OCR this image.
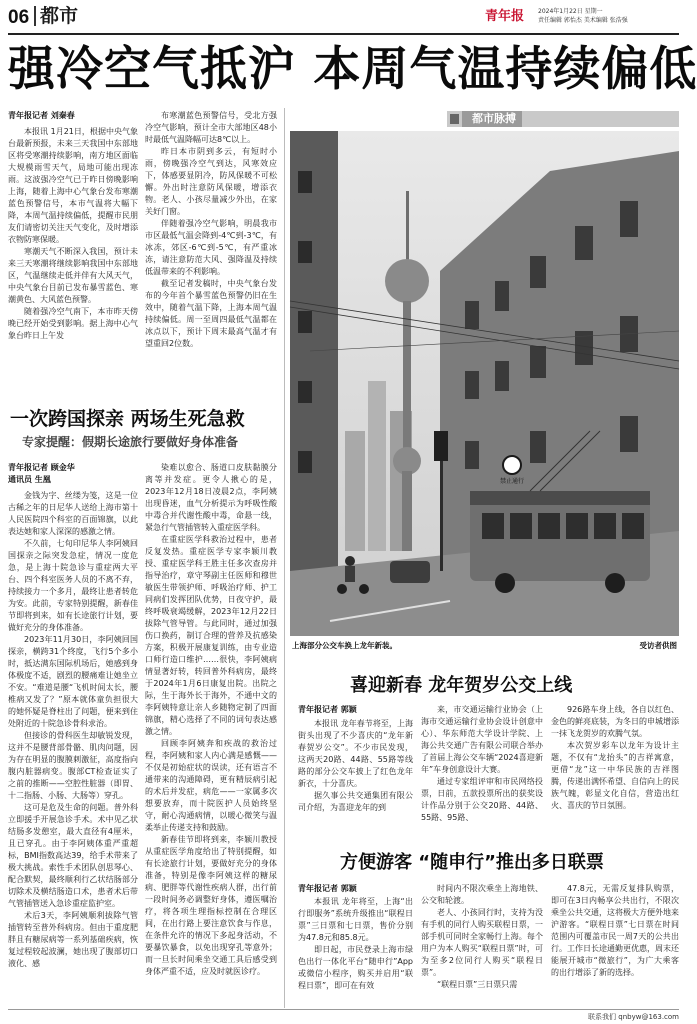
06 都市	青年报 2024年1月22日 星期一
责任编辑 郭怡杰 美术编辑 张浩强
强冷空气抵沪 本周气温持续偏低
青年报记者 刘秦春

本报讯 1月21日，根据中央气象台最新预报，未来三天我国中东部地区将受寒潮持续影响，南方地区面临大规模雨雪天气，局地可能出现冻雨。这波强冷空气已于昨日傍晚影响上海，随着上海中心气象台发布寒潮蓝色预警信号，本市气温将大幅下降，本周气温持续偏低，提醒市民朋友们请密切关注天气变化，及时增添衣物防寒保暖。

寒潮天气不断深入我国，预计未来三天寒潮将继续影响我国中东部地区，气温继续走低并伴有大风天气，中央气象台目前已发布暴雪蓝色、寒潮黄色、大风蓝色预警。

随着强冷空气南下，本市昨天傍晚已经开始受到影响。据上海中心气象台昨日上午发

布寒潮蓝色预警信号，受北方强冷空气影响，预计全市大部地区48小时最低气温降幅可达8℃以上。

昨日本市阴到多云，有短时小雨，傍晚强冷空气到达，风寒效应下，体感要显阴冷，防风保暖不可松懈。外出时注意防风保暖，增添衣物。老人、小孩尽量减少外出，在家关好门窗。

伴随着强冷空气影响，明晨我市市区最低气温会降到-4℃到-3℃，有冰冻，郊区-6℃到-5℃，有严重冰冻，请注意防范大风、强降温及持续低温带来的不利影响。

截至记者发稿时，中央气象台发布的今年首个暴雪蓝色预警仍旧在生效中，随着气温下降，上海本周气温持续偏低。周一至周四最低气温都在冰点以下，预计下周末最高气温才有望重回2位数。

一次跨国探亲 两场生死急救
专家提醒：假期长途旅行要做好身体准备
青年报记者 顾金华
通讯员 生凰

金钱为字、丝缕为笺，这是一位古稀之年的日尼华人送给上海市第十人民医院四个科室的百面锦旗，以此表达她和家人深深的感激之情。

不久前，七旬印尼华人李阿姨回国探亲之际突发急症，情况一度危急，是上海十院急诊与重症两大平台、四个科室医务人员的不离不弃，持续接力一个多月，最终让患者转危为安。此前，专家特别提醒，新春佳节即将到来，如有长途旅行计划，要做好充分的身体准备。

2023年11月30日，李阿姨回国探亲，横跨31个终度，飞行5个多小时，抵达满东国际机场后，她感到身体极度不适，剧烈的腰痛难让她坐立不安。“难道是腰“飞机时间太长，腰椎病又发了？”原本就体童负担很大的她怀疑是脊柱出了问题，便来到住处附近的十院急诊骨科求治。

但接诊的骨科医生却敏锐发现，这并不是腰背部骨骼、肌肉问题，因为存在明显的腹膜刺激征，高度指向腹内脏器病变。腹部CT检查证实了之前的推断——空腔性脏器（即胃、十二指肠、小肠、大肠等）穿孔。

这可是危及生命的问题。普外科立即援手开展急诊手术。术中见乙状结肠多发憩室，最大直径有4厘米，且已穿孔。由于李阿姨体重严重超标，BMI指数高达39，给手术带来了极大挑战。索性手术团队创思琴心、配合默契，最终顺利行乙状结肠部分切除术及横结肠造口术，患者术后带气管插管送入急诊重症监护室。

术后3天，李阿姨顺利拔除气管插管转至普外科病房。但由于重度肥胖且有糖尿病等一系列基础疾病，恢复过程较起波澜，她出现了腹部切口液化、感

染难以愈合、肠道口皮肤黏膜分离等并发症。更令人揪心的是，2023年12月18日凌晨2点，李阿姨出现昏迷，血气分析提示为呼吸性酸中毒合并代谢性酸中毒，命悬一线，紧急行气管插管转入重症医学科。

在重症医学科救治过程中，患者反复发热。重症医学专家李颖川教授、重症医学科王胜主任多次查房并指导治疗，章守琴副主任医师和穆世敏医生带领护师、呼吸治疗师、护工同病们发挥团队优势，日夜守护，最终呼吸衰竭缓解，2023年12月22日拔除气管导管。与此同时，通过加强伤口换药，制订合理的营养及抗感染方案，积极开展康复训练，由专业造口师行造口维护……很快，李阿姨病情显著好转，转回普外科病房，最终于2024年1月6日康复出院。出院之际，生于海外长于海外，不通中文的李阿姨特意让亲人乡随物定制了四面锦旗，精心选择了不同的词句表达感激之情。

回顾李阿姨奔和疾战的救治过程，李阿姨和家人内心满是感慨——不仅是初始症状的误读，还有语言不通带来的沟通障碍，更有精辰病引起的术后并发症，病危——一家属多次想要放弃，而十院医护人员始终坚守，耐心沟通病情，以暖心微笑与温柔举止传递支持和鼓励。

新春佳节即将到来，李颖川教授从重症医学角度给出了特别提醒，如有长途旅行计划，要做好充分的身体准备，特别是像李阿姨这样的糖尿病、肥胖等代谢性疾病人群，出行前一段时间务必调整好身体，遵医嘱治疗，将各项生理指标控制在合理区间，在出行路上要注意饮食与作息，在条件允许的情况下多起身活动，不要暴饮暴食，以免出现穿孔等意外；而一旦长时间乘坐交通工具后感受到身体严重不适，应及时就医诊疗。

都市脉搏
禁止通行
上海部分公交车换上龙年新装。	受访者供图
喜迎新春 龙年贺岁公交上线
青年报记者 郭颖

本报讯 龙年春节将至，上海街头出现了不少喜庆的“龙年新春贺岁公交”。不少市民发现，这两天20路、44路、55路等线路的部分公交车披上了红色龙年新衣，十分喜庆。

据久事公共交通集团有限公司介绍，为喜迎龙年的到

来，市交通运输行业协会（上海市交通运输行业协会设计创意中心）、华东师范大学设计学院、上海公共交通广告有限公司联合举办了首届上海公交车辆“2024喜迎新年”车身创意设计大赛。

通过专家组评审和市民网络投票，日前，五款投票所出的获奖设计作品分别于公交20路、44路、55路、95路、

926路车身上线，各自以红色、金色的鲜亮底装，为冬日的申城增添一抹飞龙贺岁的欢腾气氛。

本次贺岁彩车以龙年为设计主题，不仅有“龙抬头”的吉祥寓意，更借“龙”这一中华民族的吉祥图腾，传递出满怀希望、自信向上的民族气魄，彰显文化自信，营造出红火、喜庆的节日氛围。

方便游客 “随申行”推出多日联票
青年报记者 郭颖

本报讯 龙年将至，上海“出行即服务”系统升级推出“联程日票”三日票和七日票，售价分别为47.8元和85.8元。

即日起，市民登录上海市绿色出行一体化平台“随申行”App或微信小程序，购买并启用“联程日票”，即可在有效

时间内不限次乘坐上海地铁、公交和轮渡。

老人、小孩同行时，支持为没有手机的同行人购买联程日票，一部手机可同时全家畅行上海。每个用户为本人购买“联程日票”时，可为至多2位同行人购买“联程日票”。

“联程日票”三日票只需

47.8元，无需反复排队购票，即可在3日内畅享公共出行，不限次乘坐公共交通，这将极大方便外地来沪游客。“联程日票”七日票在时间范围内可覆盖市民一周7天的公共出行。工作日长途通勤更优惠，周末还能展开城市“微旅行”，为广大乘客的出行增添了新的选择。

联系我们 qnbyw@163.com
